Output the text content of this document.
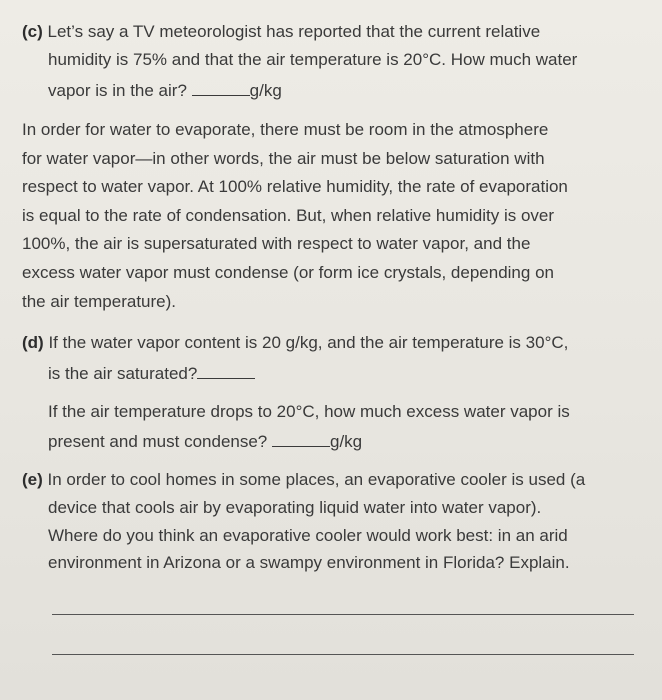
(c) Let’s say a TV meteorologist has reported that the current relative
humidity is 75% and that the air temperature is 20°C. How much water
vapor is in the air?	g/kg
In order for water to evaporate, there must be room in the atmosphere
for water vapor—in other words, the air must be below saturation with
respect to water vapor. At 100% relative humidity, the rate of evaporation
is equal to the rate of condensation. But, when relative humidity is over
100%, the air is supersaturated with respect to water vapor, and the
excess water vapor must condense (or form ice crystals, depending on
the air temperature).
(d) If the water vapor content is 20 g/kg, and the air temperature is 30°C,
is the air saturated?
If the air temperature drops to 20°C, how much excess water vapor is
present and must condense?	g/kg
(e) In order to cool homes in some places, an evaporative cooler is used (a
device that cools air by evaporating liquid water into water vapor).
Where do you think an evaporative cooler would work best: in an arid
environment in Arizona or a swampy environment in Florida? Explain.
